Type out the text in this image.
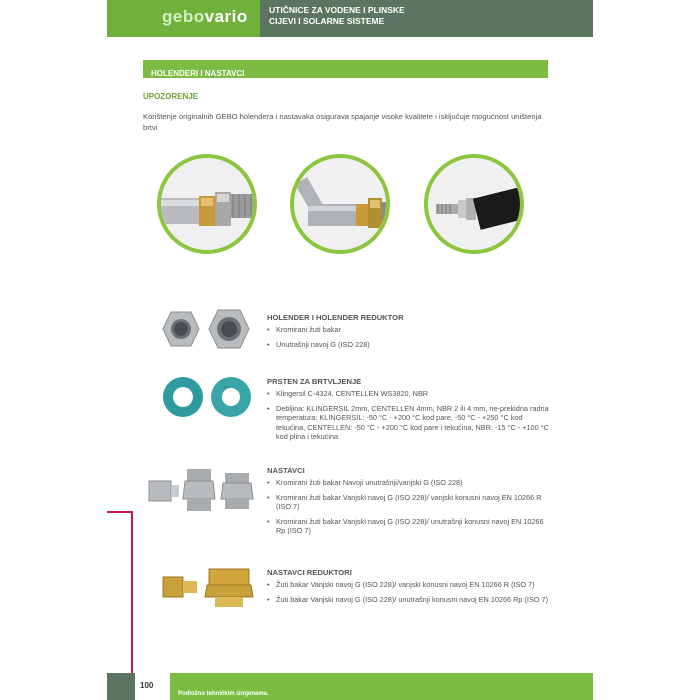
gebovario	UTIČNICE ZA VODENE I PLINSKE CIJEVI I SOLARNE SISTEME
HOLENDERI I NASTAVCI
UPOZORENJE
Korištenje originalnih GEBO holendera i nastavaka osigurava spajanje visoke kvalitete i isključuje mogućnost uništenja brtvi
HOLENDER I HOLENDER REDUKTOR
• Kromirani žuti bakar
• Unutrašnji navoj G (ISO 228)
≈≈≈
PRSTEN ZA BRTVLJENJE
• Klingersil C-4324, CENTELLEN WS3820, NBR
• Debljina: KLINGERSIL 2mm, CENTELLEN 4mm, NBR 2 ili 4 mm, ne-prekidna radna temperatura: KLINGERSIL: -50 °C - +200 °C kod pare, -50 °C - +250 °C kod tekućina, CENTELLEN: -50 °C - +200 °C kod pare i tekućina, NBR: -15 °C - +100 °C kod plina i tekućina
NASTAVCI
• Kromirani žuti bakar Navoji unutrašnji/vanjski G (ISO 228)
• Kromirani žuti bakar Vanjski navoj G (ISO 228)/ vanjski konusni navoj EN 10266 R (ISO 7)
• Kromirani žuti bakar Vanjski navoj G (ISO 228)/ unutrašnji konusni navoj EN 10266 Rp (ISO 7)
NASTAVCI REDUKTORI
• Žuti bakar Vanjski navoj G (ISO 228)/ vanjski konusni navoj EN 10266 R (ISO 7)
• Žuti bakar Vanjski navoj G (ISO 228)/ unutrašnji konusni navoj EN 10266 Rp (ISO 7)
100
Podložno tehničkim izmjenama.
